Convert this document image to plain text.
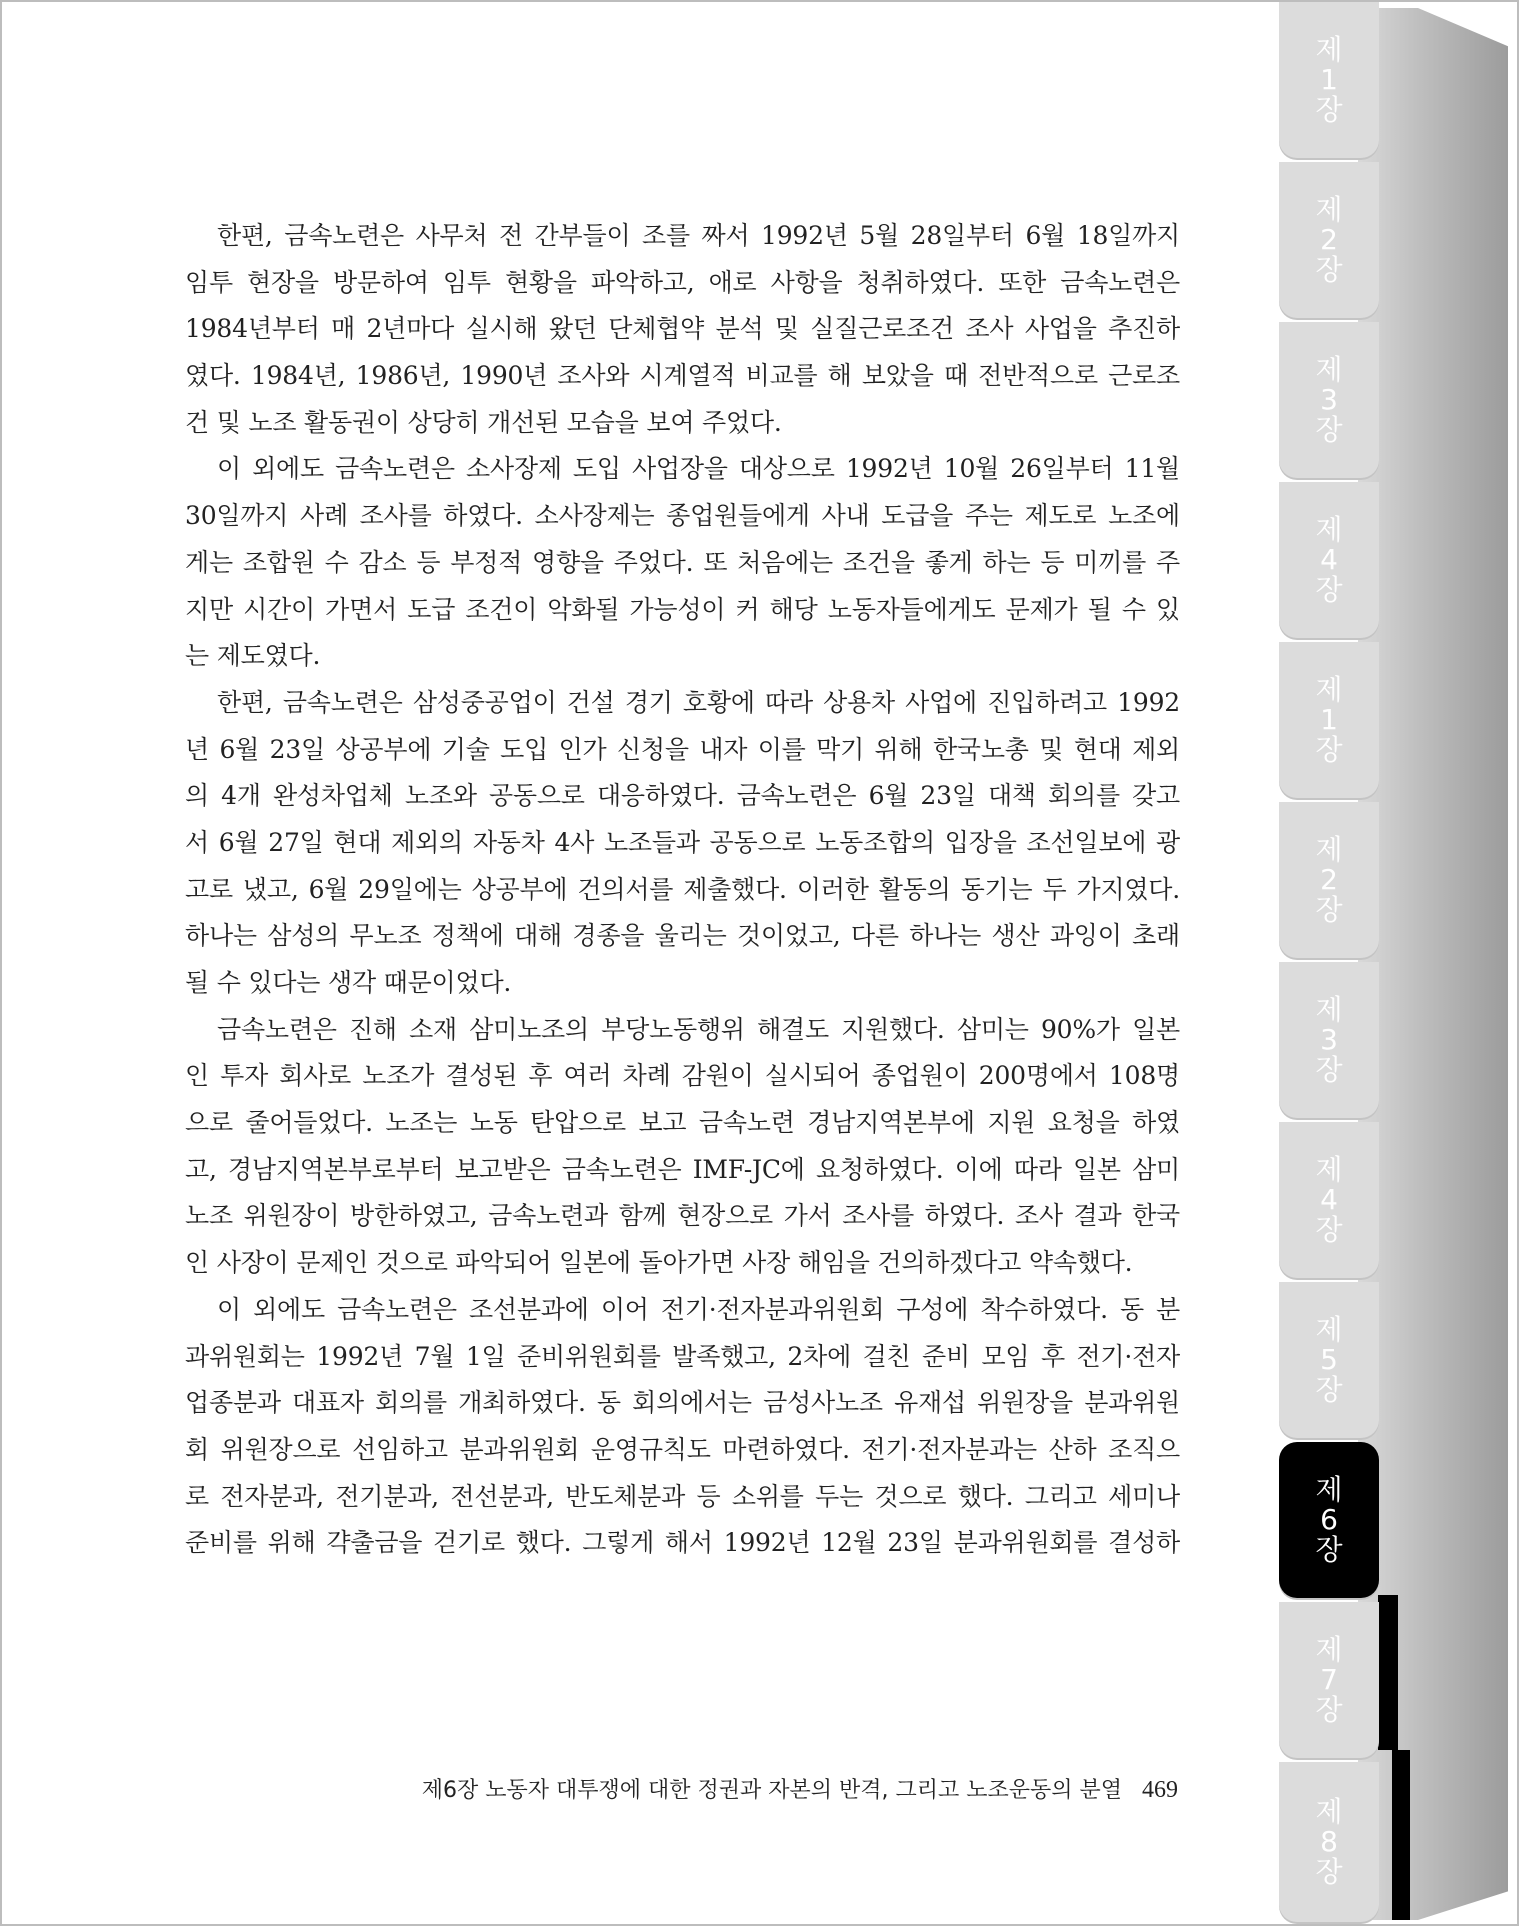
한편, 금속노련은 사무처 전 간부들이 조를 짜서 1992년 5월 28일부터 6월 18일까지
임투 현장을 방문하여 임투 현황을 파악하고, 애로 사항을 청취하였다. 또한 금속노련은
1984년부터 매 2년마다 실시해 왔던 단체협약 분석 및 실질근로조건 조사 사업을 추진하
였다. 1984년, 1986년, 1990년 조사와 시계열적 비교를 해 보았을 때 전반적으로 근로조
건 및 노조 활동권이 상당히 개선된 모습을 보여 주었다.
이 외에도 금속노련은 소사장제 도입 사업장을 대상으로 1992년 10월 26일부터 11월
30일까지 사례 조사를 하였다. 소사장제는 종업원들에게 사내 도급을 주는 제도로 노조에
게는 조합원 수 감소 등 부정적 영향을 주었다. 또 처음에는 조건을 좋게 하는 등 미끼를 주
지만 시간이 가면서 도급 조건이 악화될 가능성이 커 해당 노동자들에게도 문제가 될 수 있
는 제도였다.
한편, 금속노련은 삼성중공업이 건설 경기 호황에 따라 상용차 사업에 진입하려고 1992
년 6월 23일 상공부에 기술 도입 인가 신청을 내자 이를 막기 위해 한국노총 및 현대 제외
의 4개 완성차업체 노조와 공동으로 대응하였다. 금속노련은 6월 23일 대책 회의를 갖고
서 6월 27일 현대 제외의 자동차 4사 노조들과 공동으로 노동조합의 입장을 조선일보에 광
고로 냈고, 6월 29일에는 상공부에 건의서를 제출했다. 이러한 활동의 동기는 두 가지였다.
하나는 삼성의 무노조 정책에 대해 경종을 울리는 것이었고, 다른 하나는 생산 과잉이 초래
될 수 있다는 생각 때문이었다.
금속노련은 진해 소재 삼미노조의 부당노동행위 해결도 지원했다. 삼미는 90%가 일본
인 투자 회사로 노조가 결성된 후 여러 차례 감원이 실시되어 종업원이 200명에서 108명
으로 줄어들었다. 노조는 노동 탄압으로 보고 금속노련 경남지역본부에 지원 요청을 하였
고, 경남지역본부로부터 보고받은 금속노련은 IMF-JC에 요청하였다. 이에 따라 일본 삼미
노조 위원장이 방한하였고, 금속노련과 함께 현장으로 가서 조사를 하였다. 조사 결과 한국
인 사장이 문제인 것으로 파악되어 일본에 돌아가면 사장 해임을 건의하겠다고 약속했다.
이 외에도 금속노련은 조선분과에 이어 전기·전자분과위원회 구성에 착수하였다. 동 분
과위원회는 1992년 7월 1일 준비위원회를 발족했고, 2차에 걸친 준비 모임 후 전기·전자
업종분과 대표자 회의를 개최하였다. 동 회의에서는 금성사노조 유재섭 위원장을 분과위원
회 위원장으로 선임하고 분과위원회 운영규칙도 마련하였다. 전기·전자분과는 산하 조직으
로 전자분과, 전기분과, 전선분과, 반도체분과 등 소위를 두는 것으로 했다. 그리고 세미나
준비를 위해 갹출금을 걷기로 했다. 그렇게 해서 1992년 12월 23일 분과위원회를 결성하
제6장 노동자 대투쟁에 대한 정권과 자본의 반격, 그리고 노조운동의 분열 469
제
1
장
제
2
장
제
3
장
제
4
장
제
1
장
제
2
장
제
3
장
제
4
장
제
5
장
제
6
장
제
7
장
제
8
장
